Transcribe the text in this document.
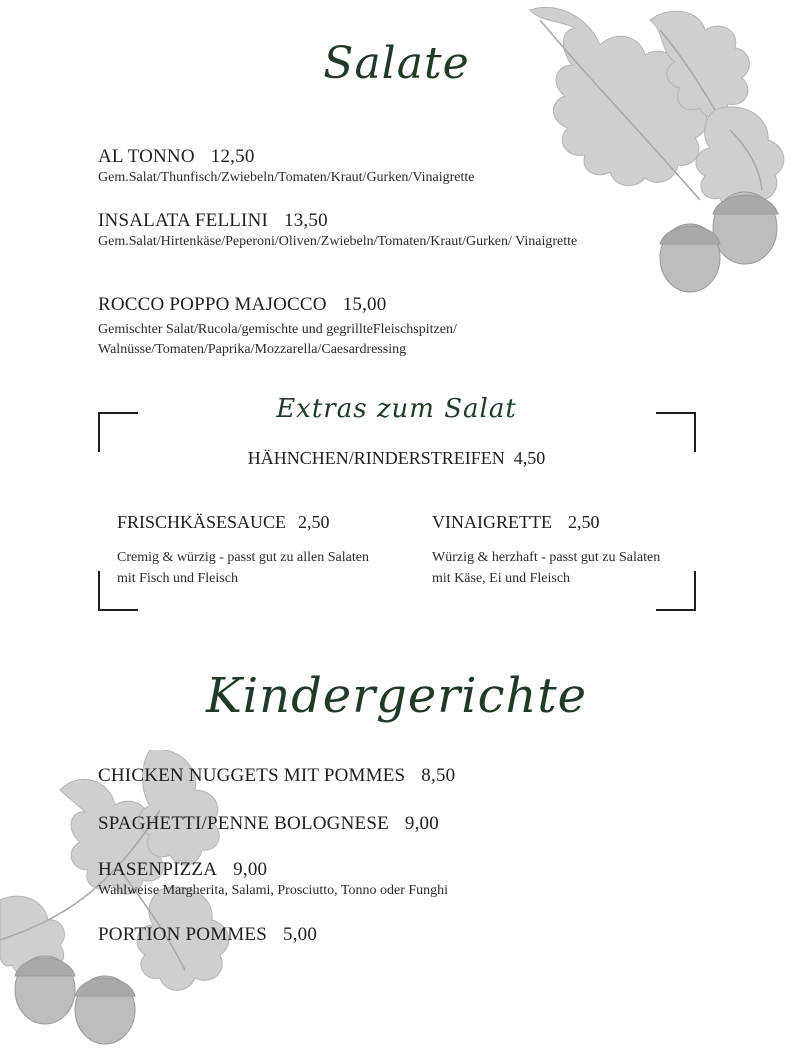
Salate
AL TONNO 12,50
Gem.Salat/Thunfisch/Zwiebeln/Tomaten/Kraut/Gurken/Vinaigrette
INSALATA FELLINI 13,50
Gem.Salat/Hirtenkäse/Peperoni/Oliven/Zwiebeln/Tomaten/Kraut/Gurken/ Vinaigrette
ROCCO POPPO MAJOCCO 15,00
Gemischter Salat/Rucola/gemischte und gegrillteFleischspitzen/ Walnüsse/Tomaten/Paprika/Mozzarella/Caesardressing
Extras zum Salat
HÄHNCHEN/RINDERSTREIFEN  4,50
FRISCHKÄSESAUCE 2,50
Cremig & würzig - passt gut zu allen Salaten mit Fisch und Fleisch
VINAIGRETTE 2,50
Würzig & herzhaft - passt gut zu Salaten mit Käse, Ei und Fleisch
Kindergerichte
CHICKEN NUGGETS MIT POMMES 8,50
SPAGHETTI/PENNE BOLOGNESE 9,00
HASENPIZZA 9,00
Wahlweise Margherita, Salami, Prosciutto, Tonno oder Funghi
PORTION POMMES 5,00
